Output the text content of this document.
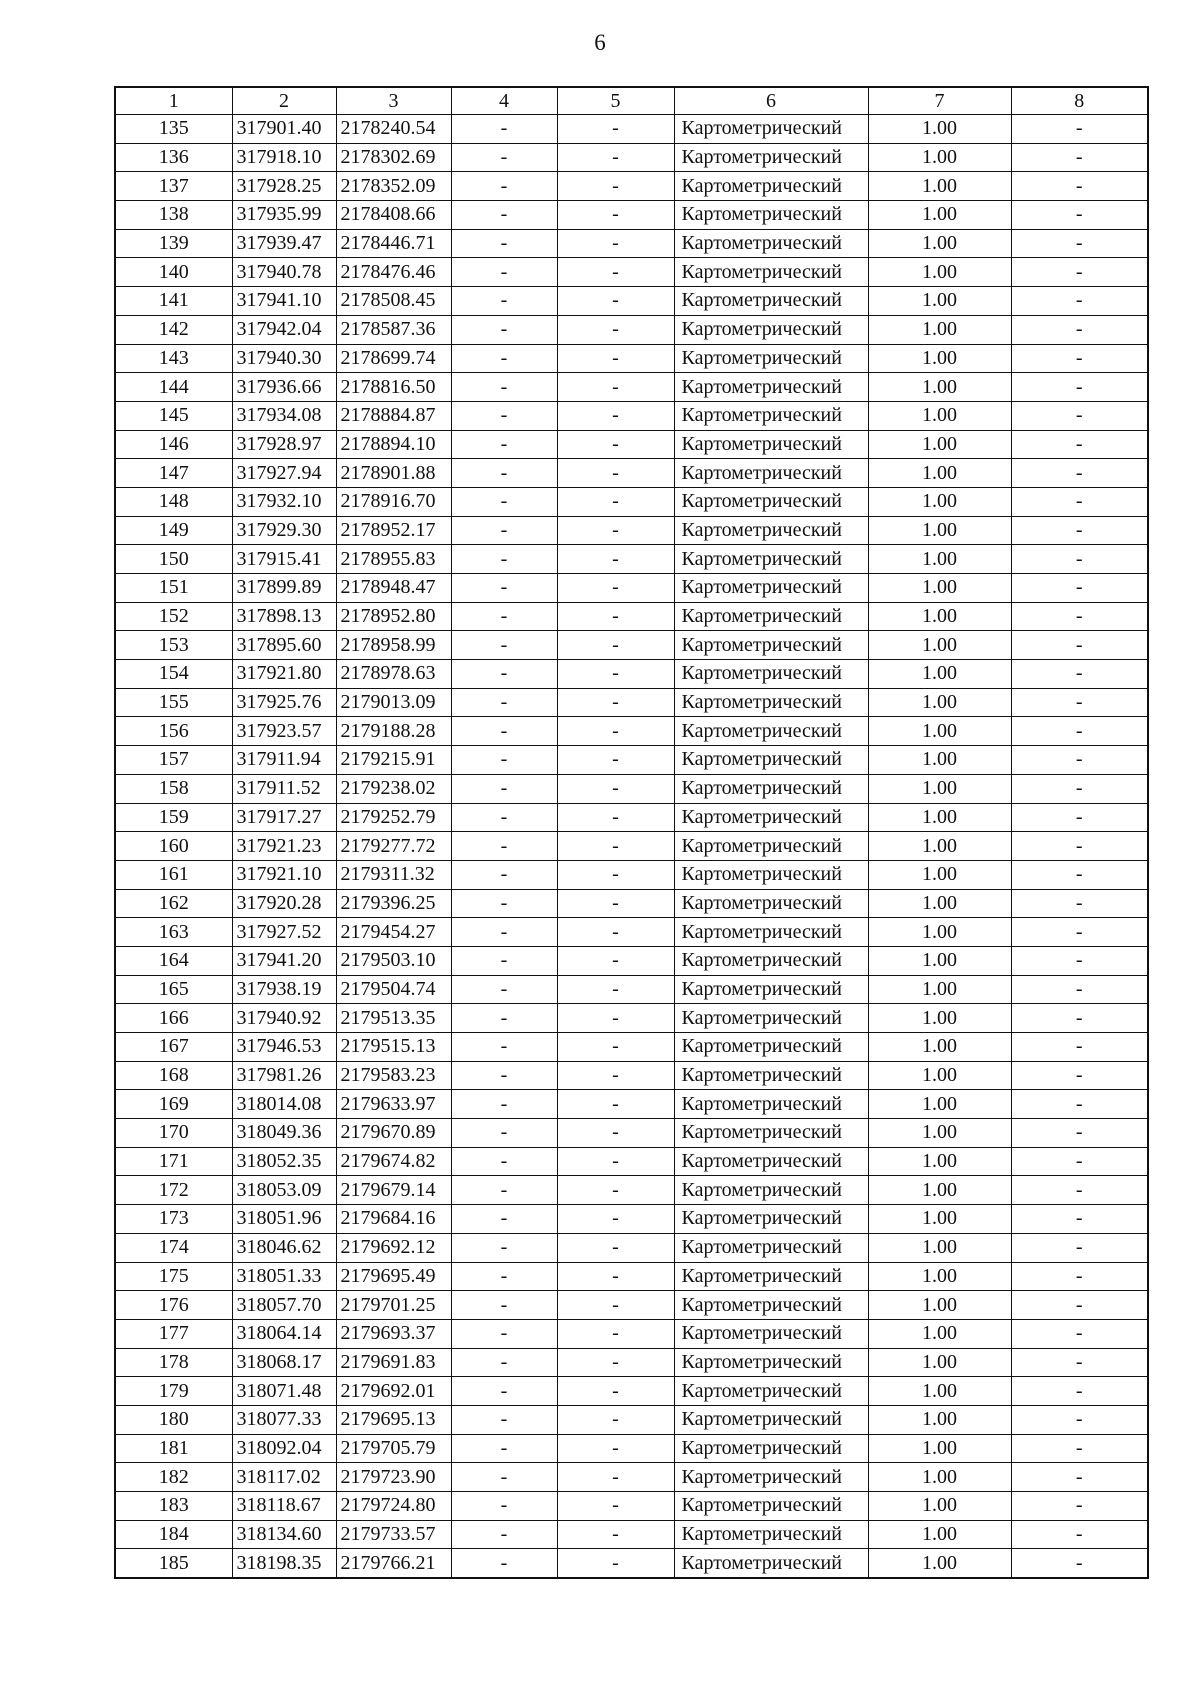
6
1	2	3	4	5	6	7	8
135	317901.40	2178240.54	-	-	Картометрический	1.00	-
136	317918.10	2178302.69	-	-	Картометрический	1.00	-
137	317928.25	2178352.09	-	-	Картометрический	1.00	-
138	317935.99	2178408.66	-	-	Картометрический	1.00	-
139	317939.47	2178446.71	-	-	Картометрический	1.00	-
140	317940.78	2178476.46	-	-	Картометрический	1.00	-
141	317941.10	2178508.45	-	-	Картометрический	1.00	-
142	317942.04	2178587.36	-	-	Картометрический	1.00	-
143	317940.30	2178699.74	-	-	Картометрический	1.00	-
144	317936.66	2178816.50	-	-	Картометрический	1.00	-
145	317934.08	2178884.87	-	-	Картометрический	1.00	-
146	317928.97	2178894.10	-	-	Картометрический	1.00	-
147	317927.94	2178901.88	-	-	Картометрический	1.00	-
148	317932.10	2178916.70	-	-	Картометрический	1.00	-
149	317929.30	2178952.17	-	-	Картометрический	1.00	-
150	317915.41	2178955.83	-	-	Картометрический	1.00	-
151	317899.89	2178948.47	-	-	Картометрический	1.00	-
152	317898.13	2178952.80	-	-	Картометрический	1.00	-
153	317895.60	2178958.99	-	-	Картометрический	1.00	-
154	317921.80	2178978.63	-	-	Картометрический	1.00	-
155	317925.76	2179013.09	-	-	Картометрический	1.00	-
156	317923.57	2179188.28	-	-	Картометрический	1.00	-
157	317911.94	2179215.91	-	-	Картометрический	1.00	-
158	317911.52	2179238.02	-	-	Картометрический	1.00	-
159	317917.27	2179252.79	-	-	Картометрический	1.00	-
160	317921.23	2179277.72	-	-	Картометрический	1.00	-
161	317921.10	2179311.32	-	-	Картометрический	1.00	-
162	317920.28	2179396.25	-	-	Картометрический	1.00	-
163	317927.52	2179454.27	-	-	Картометрический	1.00	-
164	317941.20	2179503.10	-	-	Картометрический	1.00	-
165	317938.19	2179504.74	-	-	Картометрический	1.00	-
166	317940.92	2179513.35	-	-	Картометрический	1.00	-
167	317946.53	2179515.13	-	-	Картометрический	1.00	-
168	317981.26	2179583.23	-	-	Картометрический	1.00	-
169	318014.08	2179633.97	-	-	Картометрический	1.00	-
170	318049.36	2179670.89	-	-	Картометрический	1.00	-
171	318052.35	2179674.82	-	-	Картометрический	1.00	-
172	318053.09	2179679.14	-	-	Картометрический	1.00	-
173	318051.96	2179684.16	-	-	Картометрический	1.00	-
174	318046.62	2179692.12	-	-	Картометрический	1.00	-
175	318051.33	2179695.49	-	-	Картометрический	1.00	-
176	318057.70	2179701.25	-	-	Картометрический	1.00	-
177	318064.14	2179693.37	-	-	Картометрический	1.00	-
178	318068.17	2179691.83	-	-	Картометрический	1.00	-
179	318071.48	2179692.01	-	-	Картометрический	1.00	-
180	318077.33	2179695.13	-	-	Картометрический	1.00	-
181	318092.04	2179705.79	-	-	Картометрический	1.00	-
182	318117.02	2179723.90	-	-	Картометрический	1.00	-
183	318118.67	2179724.80	-	-	Картометрический	1.00	-
184	318134.60	2179733.57	-	-	Картометрический	1.00	-
185	318198.35	2179766.21	-	-	Картометрический	1.00	-
